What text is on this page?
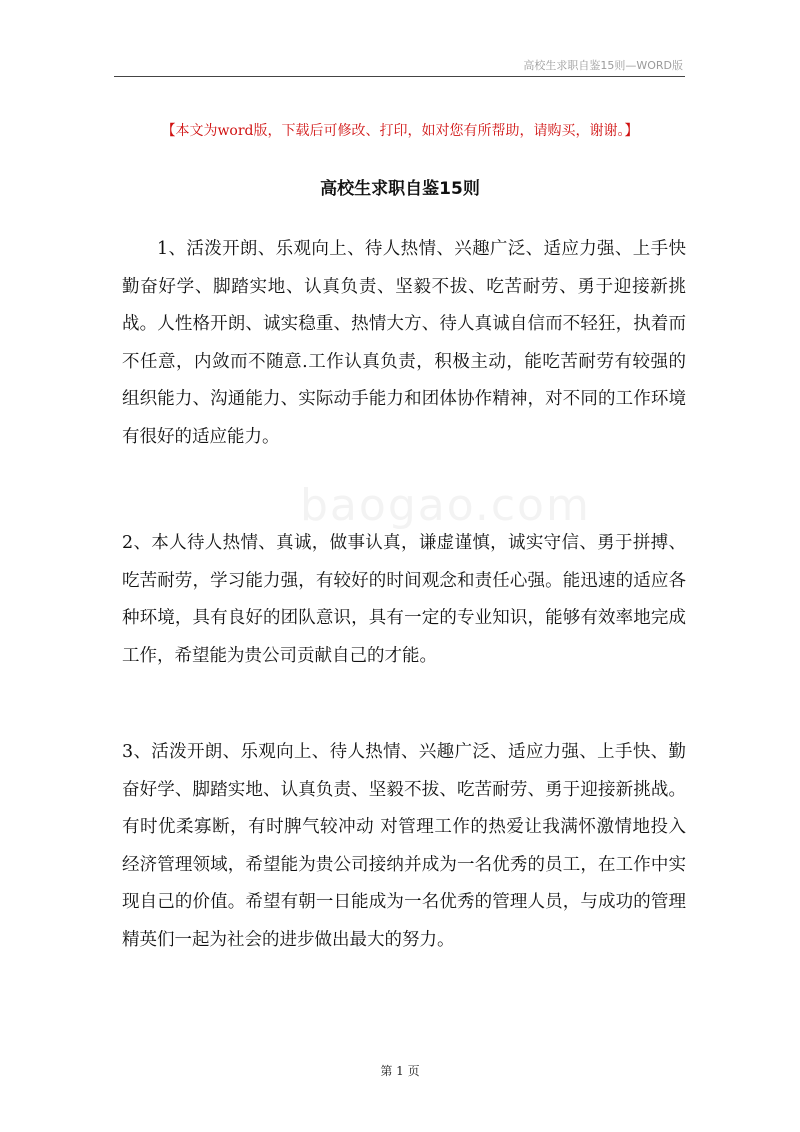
高校生求职自鉴15则—WORD版
【本文为word版，下载后可修改、打印，如对您有所帮助，请购买，谢谢。】
高校生求职自鉴15则

1、活泼开朗、乐观向上、待人热情、兴趣广泛、适应力强、上手快勤奋好学、脚踏实地、认真负责、坚毅不拔、吃苦耐劳、勇于迎接新挑战。人性格开朗、诚实稳重、热情大方、待人真诚自信而不轻狂，执着而不任意，内敛而不随意.工作认真负责，积极主动，能吃苦耐劳有较强的组织能力、沟通能力、实际动手能力和团体协作精神，对不同的工作环境有很好的适应能力。

2、本人待人热情、真诚，做事认真，谦虚谨慎，诚实守信、勇于拼搏、吃苦耐劳，学习能力强，有较好的时间观念和责任心强。能迅速的适应各种环境，具有良好的团队意识，具有一定的专业知识，能够有效率地完成工作，希望能为贵公司贡献自己的才能。

3、活泼开朗、乐观向上、待人热情、兴趣广泛、适应力强、上手快、勤奋好学、脚踏实地、认真负责、坚毅不拔、吃苦耐劳、勇于迎接新挑战。 有时优柔寡断，有时脾气较冲动 对管理工作的热爱让我满怀激情地投入经济管理领域，希望能为贵公司接纳并成为一名优秀的员工，在工作中实现自己的价值。希望有朝一日能成为一名优秀的管理人员，与成功的管理精英们一起为社会的进步做出最大的努力。

baogao.com
第 1 页
